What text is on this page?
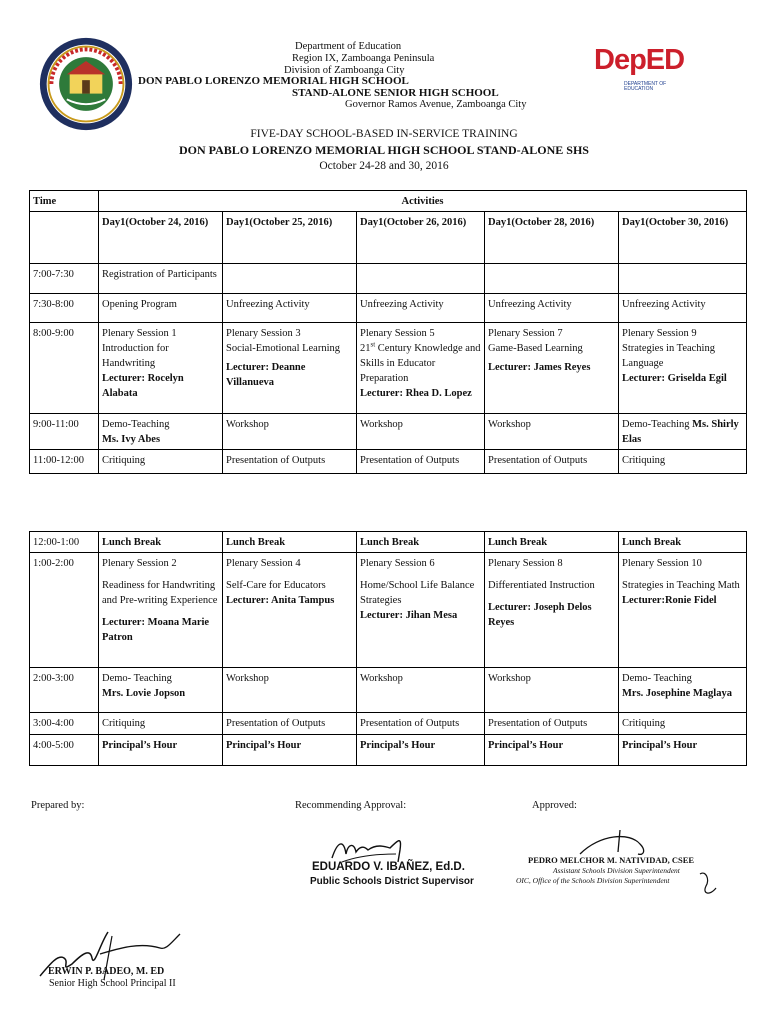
Department of Education
Region IX, Zamboanga Peninsula
Division of Zamboanga City
DON PABLO LORENZO MEMORIAL HIGH SCHOOL
STAND-ALONE SENIOR HIGH SCHOOL
Governor Ramos Avenue, Zamboanga City
DepED
DEPARTMENT OF EDUCATION
FIVE-DAY SCHOOL-BASED IN-SERVICE TRAINING
DON PABLO LORENZO MEMORIAL HIGH SCHOOL STAND-ALONE SHS
October 24-28 and 30, 2016
Time	Activities				
	Day1(October 24, 2016)	Day1(October 25, 2016)	Day1(October 26, 2016)	Day1(October 28, 2016)	Day1(October 30, 2016)
7:00-7:30	Registration of Participants				
7:30-8:00	Opening Program	Unfreezing Activity	Unfreezing Activity	Unfreezing Activity	Unfreezing Activity
8:00-9:00	Plenary Session 1
Introduction for Handwriting
Lecturer: Rocelyn Alabata	Plenary Session 3
Social-Emotional Learning
Lecturer: Deanne Villanueva	Plenary Session 5
21st Century Knowledge and Skills in Educator Preparation
Lecturer: Rhea D. Lopez	Plenary Session 7
Game-Based Learning
Lecturer: James Reyes	Plenary Session 9
Strategies in Teaching Language
Lecturer: Griselda Egil

9:00-11:00	Demo-Teaching
Ms. Ivy Abes	Workshop	Workshop	Workshop	Demo-Teaching Ms. Shirly Elas
11:00-12:00	Critiquing	Presentation of Outputs	Presentation of Outputs	Presentation of Outputs	Critiquing
12:00-1:00	Lunch Break	Lunch Break	Lunch Break	Lunch Break	Lunch Break
1:00-2:00	Plenary Session 2
Readiness for Handwriting and Pre-writing Experience
Lecturer: Moana Marie Patron	Plenary Session 4
Self-Care for Educators
Lecturer: Anita Tampus	Plenary Session 6
Home/School Life Balance Strategies
Lecturer: Jihan Mesa	Plenary Session 8
Differentiated Instruction
Lecturer: Joseph Delos Reyes	Plenary Session 10
Strategies in Teaching Math
Lecturer:Ronie Fidel

2:00-3:00	Demo- Teaching
Mrs. Lovie Jopson	Workshop	Workshop	Workshop	Demo- Teaching
Mrs. Josephine Maglaya

3:00-4:00	Critiquing	Presentation of Outputs	Presentation of Outputs	Presentation of Outputs	Critiquing
4:00-5:00	Principal’s Hour	Principal’s Hour	Principal’s Hour	Principal’s Hour	Principal’s Hour
Prepared by:	Recommending Approval:	Approved:
EDUARDO V. IBAÑEZ, Ed.D.
Public Schools District Supervisor
PEDRO MELCHOR M. NATIVIDAD, CSEE
Assistant Schools Division Superintendent
OIC, Office of the Schools Division Superintendent
ERWIN P. BADEO, M. ED
Senior High School Principal II
